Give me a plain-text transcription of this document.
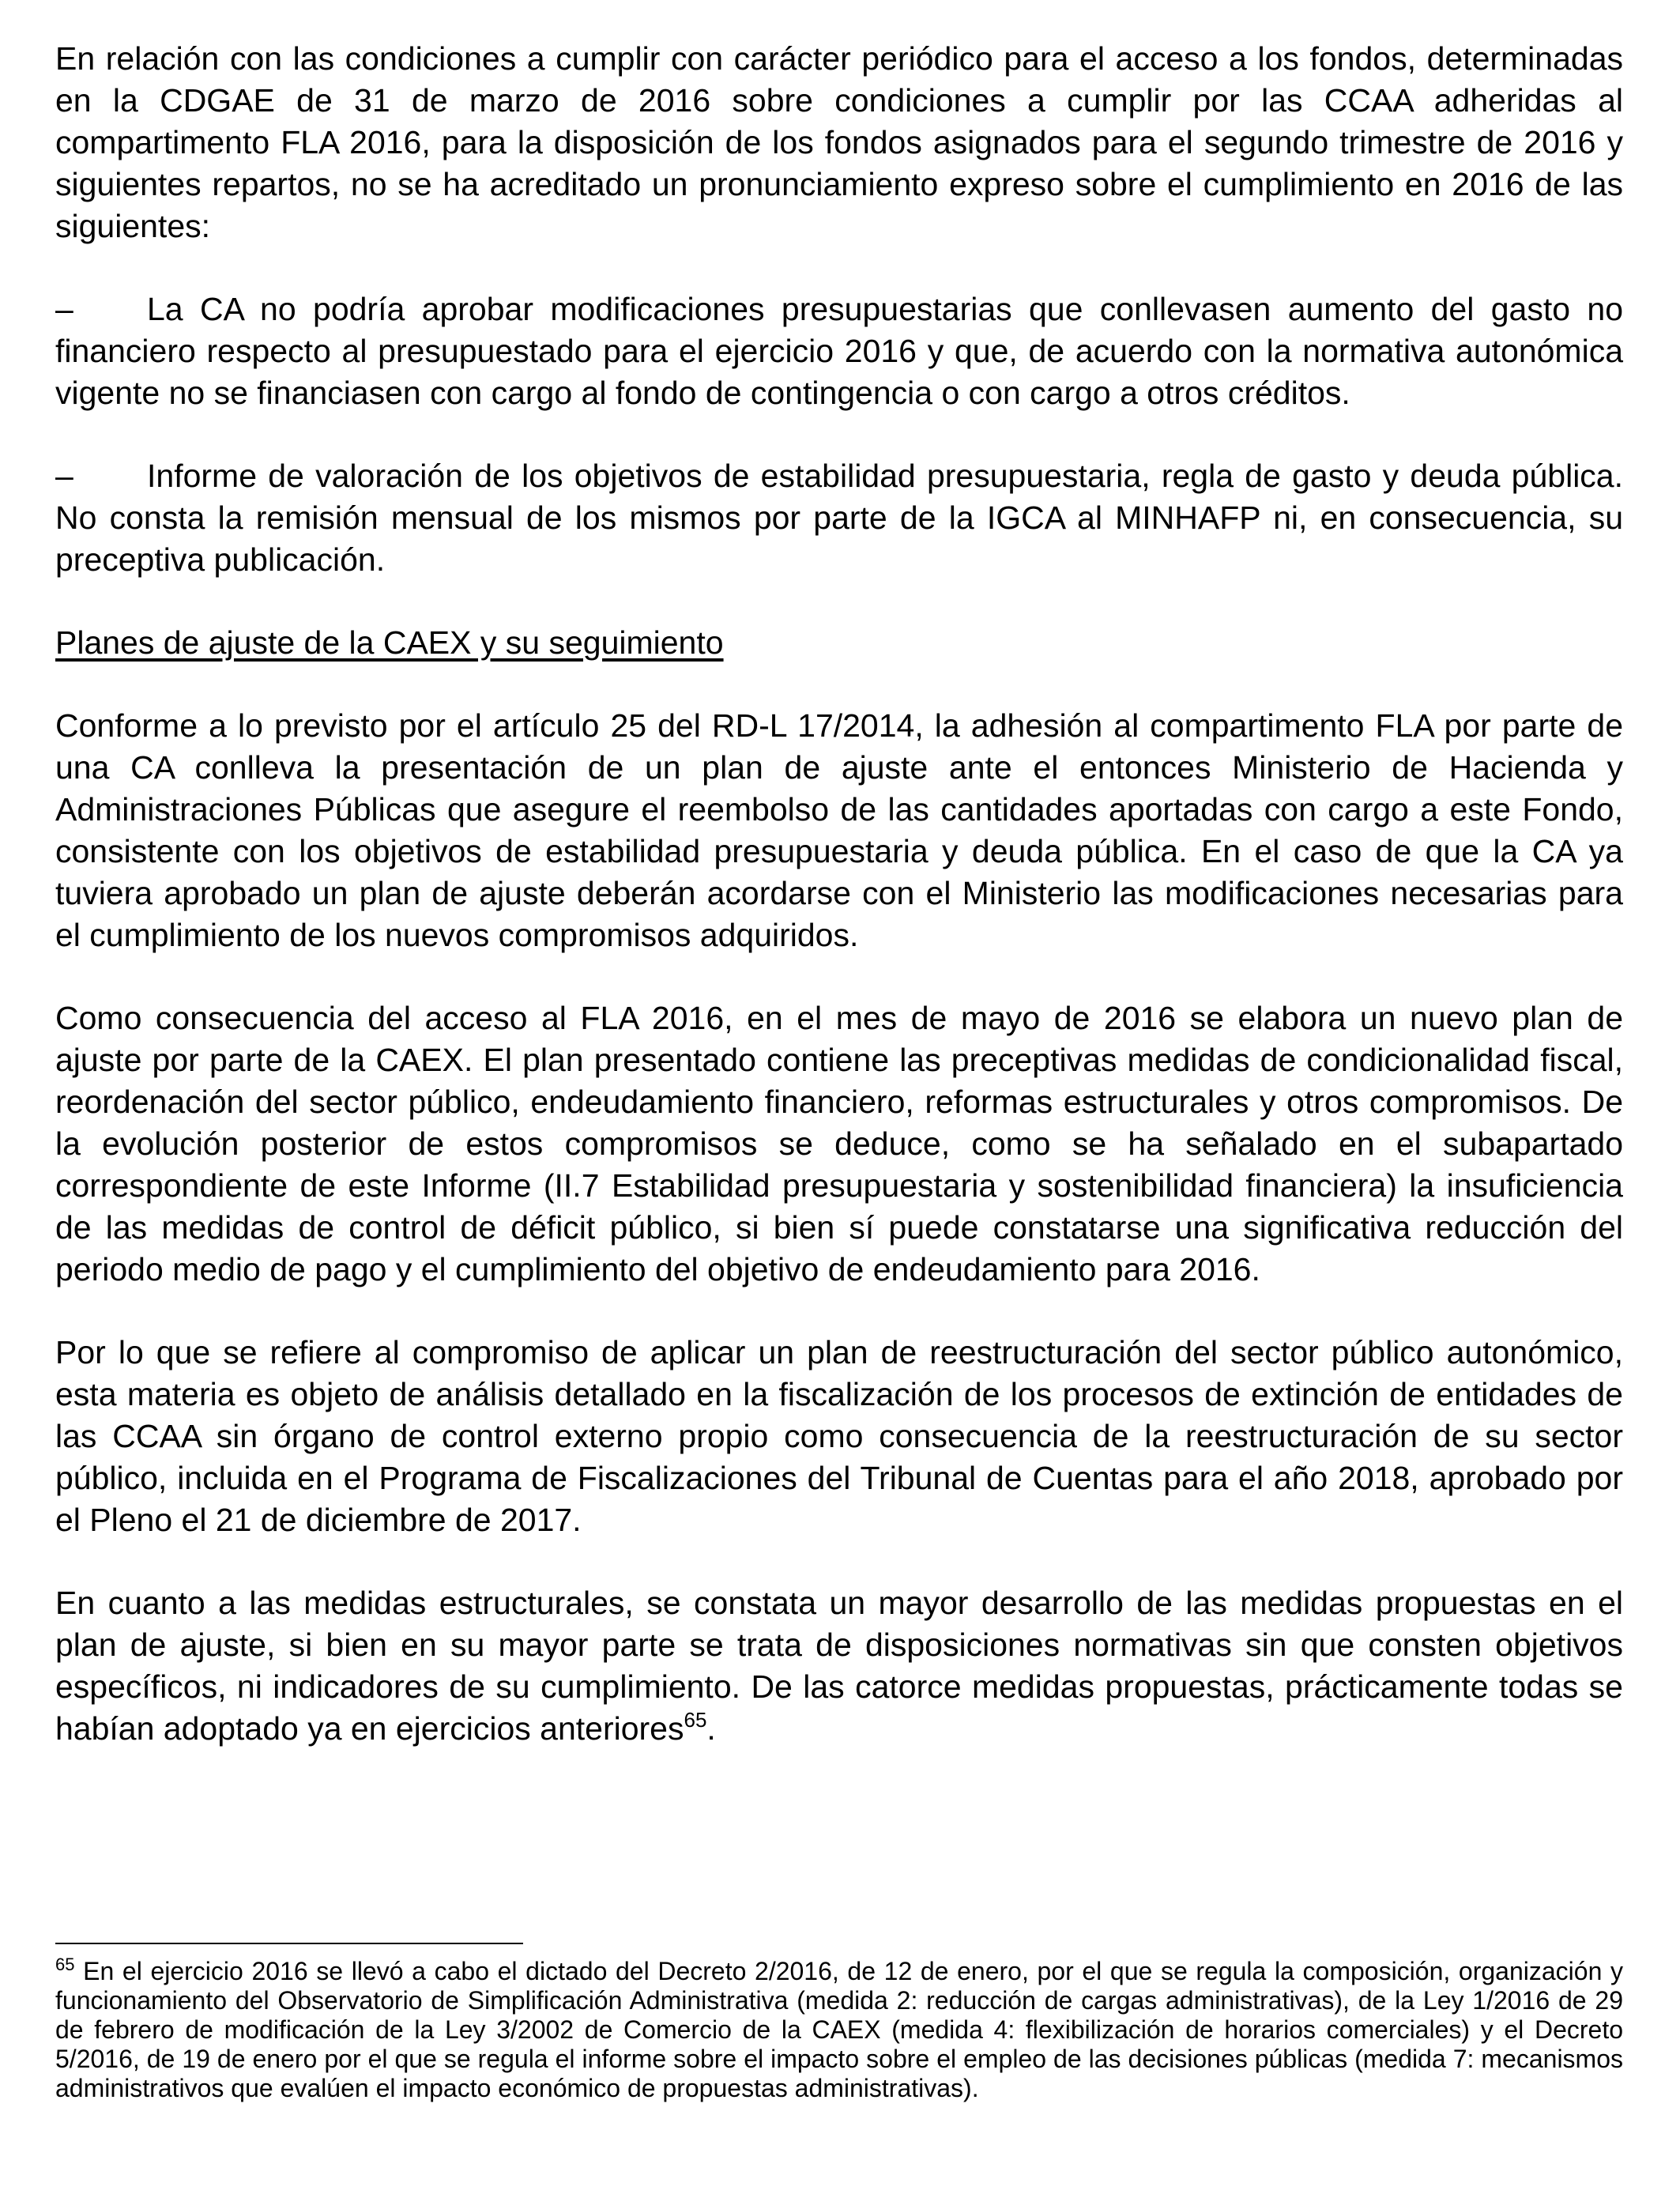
En relación con las condiciones a cumplir con carácter periódico para el acceso a los fondos, determinadas en la CDGAE de 31 de marzo de 2016 sobre condiciones a cumplir por las CCAA adheridas al compartimento FLA 2016, para la disposición de los fondos asignados para el segundo trimestre de 2016 y siguientes repartos, no se ha acreditado un pronunciamiento expreso sobre el cumplimiento en 2016 de las siguientes:

– La CA no podría aprobar modificaciones presupuestarias que conllevasen aumento del gasto no financiero respecto al presupuestado para el ejercicio 2016 y que, de acuerdo con la normativa autonómica vigente no se financiasen con cargo al fondo de contingencia o con cargo a otros créditos.

– Informe de valoración de los objetivos de estabilidad presupuestaria, regla de gasto y deuda pública. No consta la remisión mensual de los mismos por parte de la IGCA al MINHAFP ni, en consecuencia, su preceptiva publicación.

Planes de ajuste de la CAEX y su seguimiento

Conforme a lo previsto por el artículo 25 del RD-L 17/2014, la adhesión al compartimento FLA por parte de una CA conlleva la presentación de un plan de ajuste ante el entonces Ministerio de Hacienda y Administraciones Públicas que asegure el reembolso de las cantidades aportadas con cargo a este Fondo, consistente con los objetivos de estabilidad presupuestaria y deuda pública. En el caso de que la CA ya tuviera aprobado un plan de ajuste deberán acordarse con el Ministerio las modificaciones necesarias para el cumplimiento de los nuevos compromisos adquiridos.

Como consecuencia del acceso al FLA 2016, en el mes de mayo de 2016 se elabora un nuevo plan de ajuste por parte de la CAEX. El plan presentado contiene las preceptivas medidas de condicionalidad fiscal, reordenación del sector público, endeudamiento financiero, reformas estructurales y otros compromisos. De la evolución posterior de estos compromisos se deduce, como se ha señalado en el subapartado correspondiente de este Informe (II.7 Estabilidad presupuestaria y sostenibilidad financiera) la insuficiencia de las medidas de control de déficit público, si bien sí puede constatarse una significativa reducción del periodo medio de pago y el cumplimiento del objetivo de endeudamiento para 2016.

Por lo que se refiere al compromiso de aplicar un plan de reestructuración del sector público autonómico, esta materia es objeto de análisis detallado en la fiscalización de los procesos de extinción de entidades de las CCAA sin órgano de control externo propio como consecuencia de la reestructuración de su sector público, incluida en el Programa de Fiscalizaciones del Tribunal de Cuentas para el año 2018, aprobado por el Pleno el 21 de diciembre de 2017.

En cuanto a las medidas estructurales, se constata un mayor desarrollo de las medidas propuestas en el plan de ajuste, si bien en su mayor parte se trata de disposiciones normativas sin que consten objetivos específicos, ni indicadores de su cumplimiento. De las catorce medidas propuestas, prácticamente todas se habían adoptado ya en ejercicios anteriores$^{65}$.

$^{65}$ En el ejercicio 2016 se llevó a cabo el dictado del Decreto 2/2016, de 12 de enero, por el que se regula la composición, organización y funcionamiento del Observatorio de Simplificación Administrativa (medida 2: reducción de cargas administrativas), de la Ley 1/2016 de 29 de febrero de modificación de la Ley 3/2002 de Comercio de la CAEX (medida 4: flexibilización de horarios comerciales) y el Decreto 5/2016, de 19 de enero por el que se regula el informe sobre el impacto sobre el empleo de las decisiones públicas (medida 7: mecanismos administrativos que evalúen el impacto económico de propuestas administrativas).
